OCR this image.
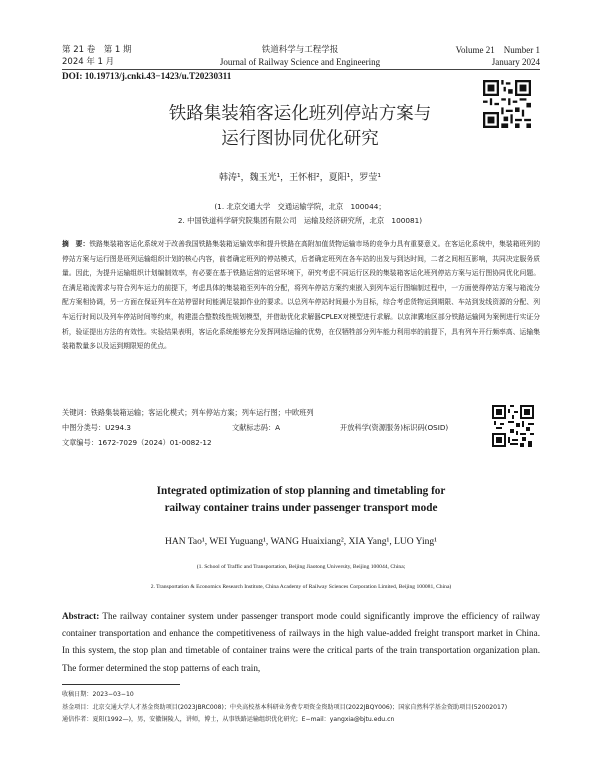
第 21 卷　第 1 期
2024 年 1 月
铁道科学与工程学报
Journal of Railway Science and Engineering
Volume 21　Number 1
January 2024
DOI: 10.19713/j.cnki.43−1423/u.T20230311
铁路集装箱客运化班列停站方案与
运行图协同优化研究
韩涛¹，魏玉光¹，王怀相²，夏阳¹，罗莹¹
(1. 北京交通大学　交通运输学院，北京　100044；
2. 中国铁道科学研究院集团有限公司　运输及经济研究所，北京　100081)
摘　要：铁路集装箱客运化系统对于改善我国铁路集装箱运输效率和提升铁路在高附加值货物运输市场的竞争力具有重要意义。在客运化系统中，集装箱班列的停站方案与运行图是班列运输组织计划的核心内容，前者确定班列的停站模式，后者确定班列在各车站的出发与到达时间，二者之间相互影响，共同决定服务质量。因此，为提升运输组织计划编制效率，有必要在基于铁路运营的运营环境下，研究考虑不同运行区段的集装箱客运化班列停站方案与运行图协同优化问题。在满足箱流需求与符合列车运力的前提下，考虑具体的集装箱至列车的分配，将列车停站方案约束嵌入到列车运行图编制过程中，一方面使得停站方案与箱流分配方案相协调，另一方面在保证列车在站停留时间能满足装卸作业的要求。以总列车停站时间最小为目标，综合考虑货物运到期限、车站到发线资源的分配、列车运行时间以及列车停站时间等约束，构建混合整数线性规划模型，并借助优化求解器CPLEX对模型进行求解。以京津冀地区部分铁路运输网为案例进行实证分析，验证提出方法的有效性。实验结果表明，客运化系统能够充分发挥网络运输的优势，在仅牺牲部分列车能力利用率的前提下，具有列车开行频率高、运输集装箱数量多以及运到期限短的优点。
关键词：铁路集装箱运输；客运化模式；列车停站方案；列车运行图；中欧班列
中图分类号：U294.3	文献标志码：A	开放科学(资源服务)标识码(OSID)
文章编号：1672-7029（2024）01-0082-12
Integrated optimization of stop planning and timetabling for
railway container trains under passenger transport mode
HAN Tao¹, WEI Yuguang¹, WANG Huaixiang², XIA Yang¹, LUO Ying¹
(1. School of Traffic and Transportation, Beijing Jiaotong University, Beijing 100044, China;
2. Transportation & Economics Research Institute, China Academy of Railway Sciences Corporation Limited, Beijing 100081, China)
Abstract: The railway container system under passenger transport mode could significantly improve the efficiency of railway container transportation and enhance the competitiveness of railways in the high value-added freight transport market in China. In this system, the stop plan and timetable of container trains were the critical parts of the train transportation organization plan. The former determined the stop patterns of each train,
收稿日期： 2023−03−10
基金项目： 北京交通大学人才基金资助项目(2023JBRC008)；中央高校基本科研业务费专项资金资助项目(2022JBQY006)；国家自然科学基金资助项目(52002017)
通信作者： 夏阳(1992—)，男，安徽铜陵人，讲师，博士，从事铁路运输组织优化研究；E−mail：yangxia@bjtu.edu.cn
